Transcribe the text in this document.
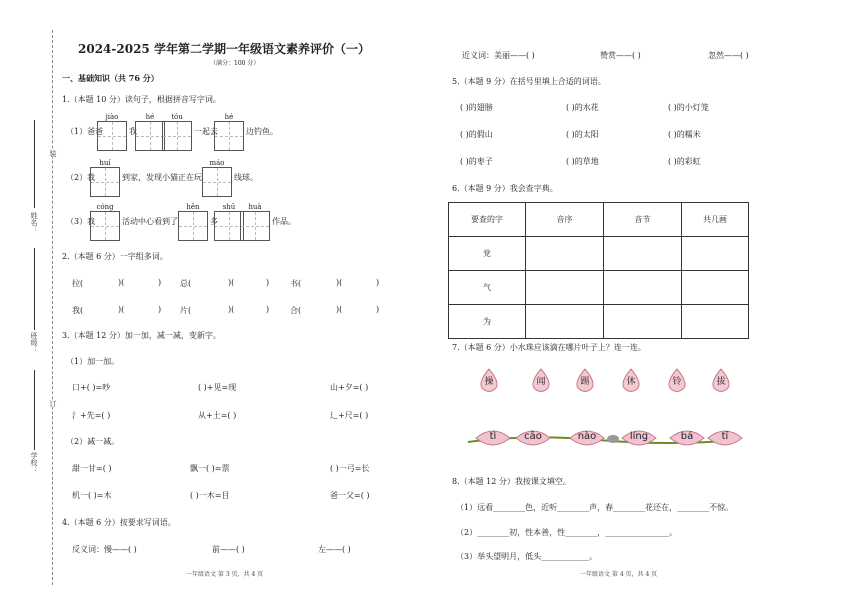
姓名：
班级：
学校：
装
订
2024-2025 学年第二学期一年级语文素养评价（一）
（满分：100 分）
一、基础知识（共 76 分）
1.（本题 10 分）读句子，根据拼音写字词。
（1）爸爸
jiào
我
hé	tóu
一起去
hé
边钓鱼。
（2）我
huí
到家，发现小猫正在玩
máo
线球。
（3）我
cóng
活动中心看到了
hěn
多
shū	huà
作品。
2.（本题 6 分）一字组多词。
拉(	)(	) 总(	)(	)	书(	)(	)
我(	)(	) 片(	)(	)	合(	)(	)
3.（本题 12 分）加一加，减一减，变新字。
（1）加一加。
口+( )=吵	( )+见=现	山+夕=( )
氵+先=( )	从+土=( )	辶+尺=( )
（2）减一减。
甜一甘=( )	飘一( )=票	( )一弓=长
机一( )=木	( )一木=目	爸一父=( )
4.（本题 6 分）按要求写词语。
反义词：慢——( )	前——( )	左——( )
一年级语文 第 3 页，共 4 页
近义词：美丽——( )	赞赏——( )	忽然——( )
5.（本题 9 分）在括号里填上合适的词语。
( )的翅膀	( )的水花	( )的小灯笼
( )的假山	( )的太阳	( )的糯米
( )的枣子	( )的草地	( )的彩虹
6.（本题 9 分）我会查字典。
要查的字	音序	音节	共几画
党			
气			
为			
7.（本题 6 分）小水珠应该滴在哪片叶子上？连一连。
操	闻	踢	休	铃	拔
tì	cāo	nào	líng	bá	tī
8.（本题 12 分）我按课文填空。
（1）远看________色，近听________声，春________花还在，________不惊。
（2）________初，性本善，性________，________________。
（3）举头望明月，低头____________。
一年级语文 第 4 页，共 4 页
